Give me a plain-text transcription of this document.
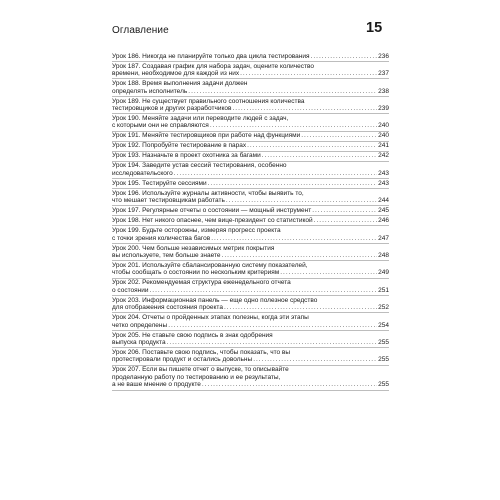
Оглавление	15
Урок 186. Никогда не планируйте только два цикла тестирования . . .	236
Урок 187. Создавая график для набора задач, оцените количество
времени, необходимое для каждой из них . . .	237
Урок 188. Время выполнения задачи должен
определять исполнитель . . .	238
Урок 189. Не существует правильного соотношения количества
тестировщиков и других разработчиков . . .	239
Урок 190. Меняйте задачи или переводите людей с задач,
с которыми они не справляются . . .	240
Урок 191. Меняйте тестировщиков при работе над функциями . . .	240
Урок 192. Попробуйте тестирование в парах . . .	241
Урок 193. Назначьте в проект охотника за багами . . .	242
Урок 194. Заведите устав сессий тестирования, особенно
исследовательского . . .	243
Урок 195. Тестируйте сессиями . . .	243
Урок 196. Используйте журналы активности, чтобы выявить то,
что мешает тестировщикам работать . . .	244
Урок 197. Регулярные отчеты о состоянии — мощный инструмент . . .	245
Урок 198. Нет никого опаснее, чем вице-президент со статистикой . . .	246
Урок 199. Будьте осторожны, измеряя прогресс проекта
с точки зрения количества багов . . .	247
Урок 200. Чем больше независимых метрик покрытия
вы используете, тем больше знаете . . .	248
Урок 201. Используйте сбалансированную систему показателей,
чтобы сообщать о состоянии по нескольким критериям . . .	249
Урок 202. Рекомендуемая структура еженедельного отчета
о состоянии . . .	251
Урок 203. Информационная панель — еще одно полезное средство
для отображения состояния проекта . . .	252
Урок 204. Отчеты о пройденных этапах полезны, когда эти этапы
четко определены . . .	254
Урок 205. Не ставьте свою подпись в знак одобрения
выпуска продукта . . .	255
Урок 206. Поставьте свою подпись, чтобы показать, что вы
протестировали продукт и остались довольны . . .	255
Урок 207. Если вы пишете отчет о выпуске, то описывайте
проделанную работу по тестированию и ее результаты,
а не ваше мнение о продукте . . .	255
